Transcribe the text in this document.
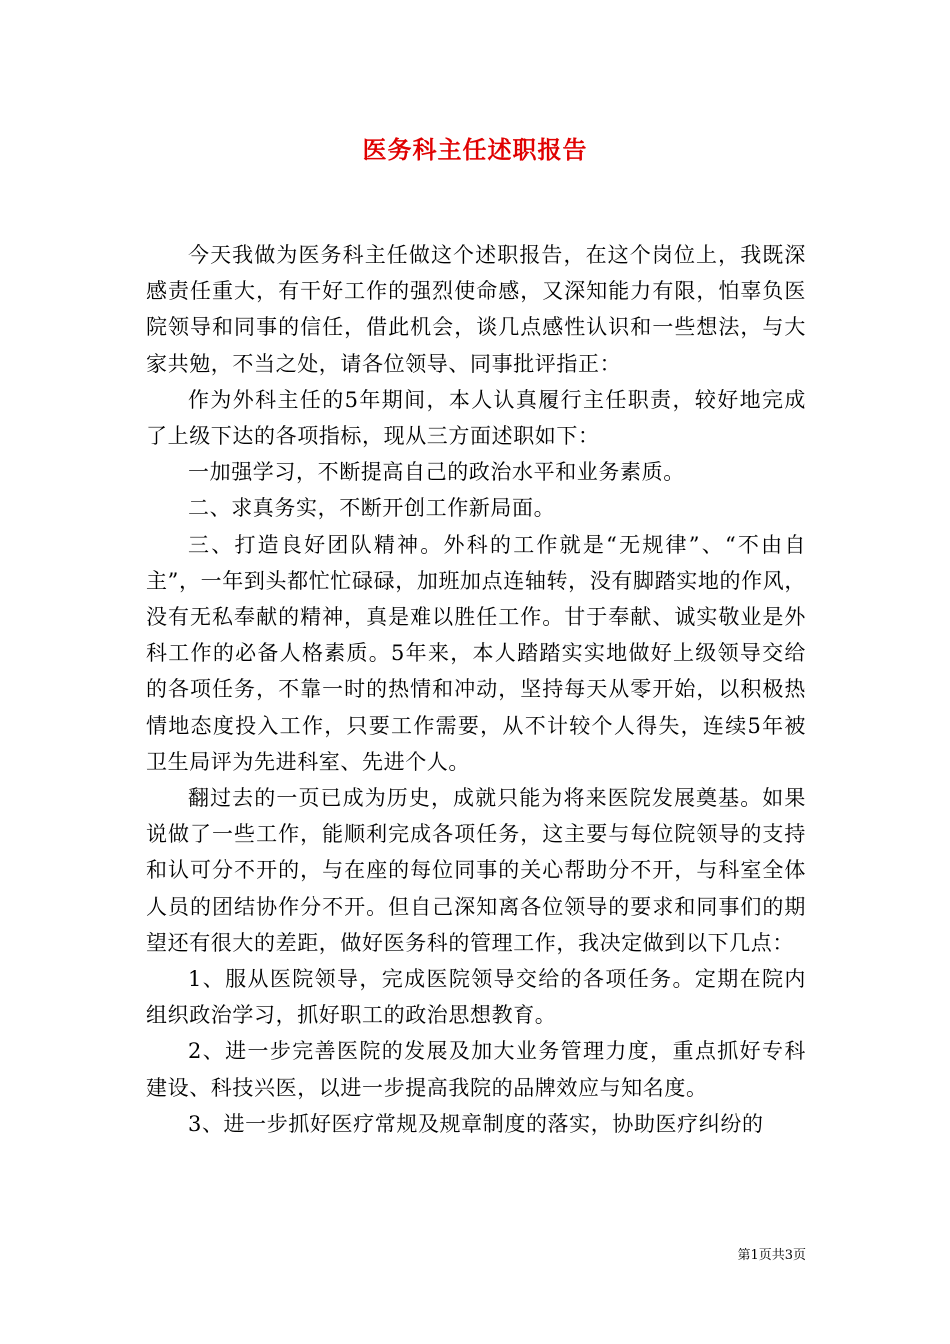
医务科主任述职报告

今天我做为医务科主任做这个述职报告，在这个岗位上，我既深感责任重大，有干好工作的强烈使命感，又深知能力有限，怕辜负医院领导和同事的信任，借此机会，谈几点感性认识和一些想法，与大家共勉，不当之处，请各位领导、同事批评指正：

作为外科主任的5年期间，本人认真履行主任职责，较好地完成了上级下达的各项指标，现从三方面述职如下：

一加强学习，不断提高自己的政治水平和业务素质。

二、求真务实，不断开创工作新局面。

三、打造良好团队精神。外科的工作就是“无规律”、“不由自主”，一年到头都忙忙碌碌，加班加点连轴转，没有脚踏实地的作风，没有无私奉献的精神，真是难以胜任工作。甘于奉献、诚实敬业是外科工作的必备人格素质。5年来，本人踏踏实实地做好上级领导交给的各项任务，不靠一时的热情和冲动，坚持每天从零开始，以积极热情地态度投入工作，只要工作需要，从不计较个人得失，连续5年被卫生局评为先进科室、先进个人。

翻过去的一页已成为历史，成就只能为将来医院发展奠基。如果说做了一些工作，能顺利完成各项任务，这主要与每位院领导的支持和认可分不开的，与在座的每位同事的关心帮助分不开，与科室全体人员的团结协作分不开。但自己深知离各位领导的要求和同事们的期望还有很大的差距，做好医务科的管理工作，我决定做到以下几点：

1、服从医院领导，完成医院领导交给的各项任务。定期在院内组织政治学习，抓好职工的政治思想教育。

2、进一步完善医院的发展及加大业务管理力度，重点抓好专科建设、科技兴医，以进一步提高我院的品牌效应与知名度。

3、进一步抓好医疗常规及规章制度的落实，协助医疗纠纷的

第1页共3页
